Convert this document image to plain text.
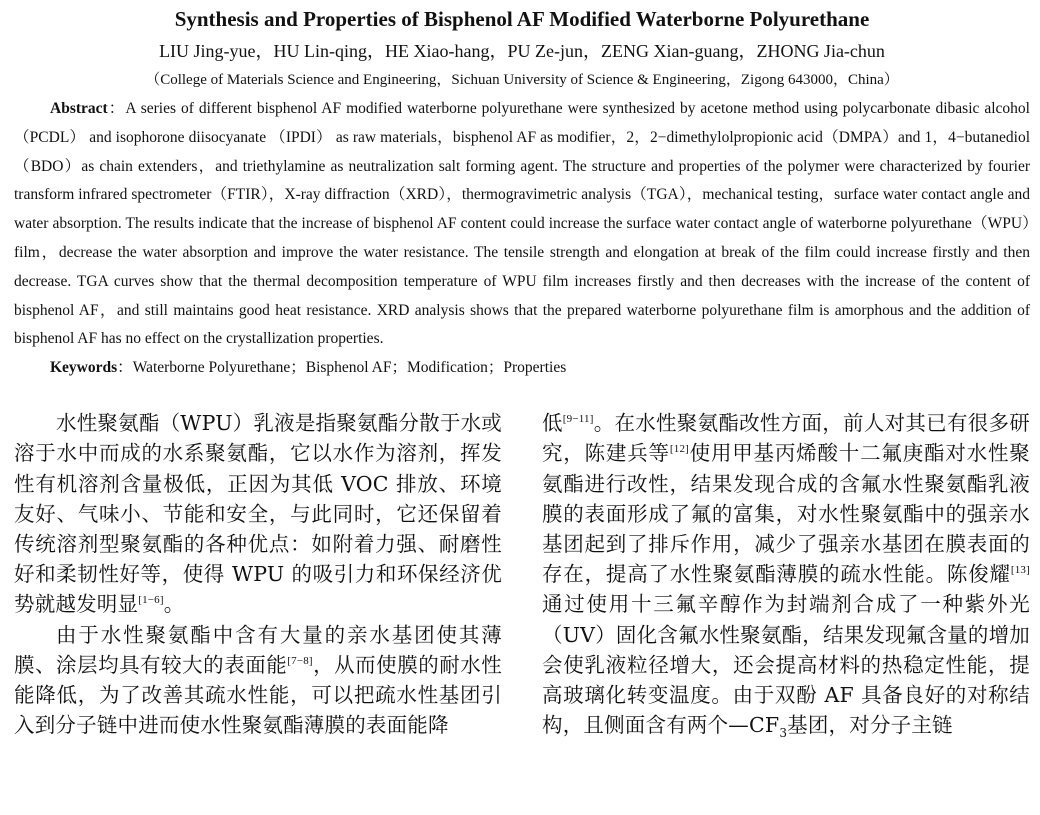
Synthesis and Properties of Bisphenol AF Modified Waterborne Polyurethane
LIU Jing-yue，HU Lin-qing，HE Xiao-hang，PU Ze-jun，ZENG Xian-guang，ZHONG Jia-chun
（College of Materials Science and Engineering，Sichuan University of Science & Engineering，Zigong 643000，China）
Abstract：A series of different bisphenol AF modified waterborne polyurethane were synthesized by acetone method using polycarbonate dibasic alcohol （PCDL） and isophorone diisocyanate （IPDI） as raw materials，bisphenol AF as modifier，2，2−dimethylolpropionic acid（DMPA）and 1，4−butanediol（BDO）as chain extenders，and triethylamine as neutralization salt forming agent. The structure and properties of the polymer were characterized by fourier transform infrared spectrometer（FTIR），X-ray diffraction（XRD），thermogravimetric analysis（TGA），mechanical testing，surface water contact angle and water absorption. The results indicate that the increase of bisphenol AF content could increase the surface water contact angle of waterborne polyurethane（WPU）film，decrease the water absorption and improve the water resistance. The tensile strength and elongation at break of the film could increase firstly and then decrease. TGA curves show that the thermal decomposition temperature of WPU film increases firstly and then decreases with the increase of the content of bisphenol AF，and still maintains good heat resistance. XRD analysis shows that the prepared waterborne polyurethane film is amorphous and the addition of bisphenol AF has no effect on the crystallization properties.
Keywords：Waterborne Polyurethane；Bisphenol AF；Modification；Properties

水性聚氨酯（WPU）乳液是指聚氨酯分散于水或溶于水中而成的水系聚氨酯，它以水作为溶剂，挥发性有机溶剂含量极低，正因为其低 VOC 排放、环境友好、气味小、节能和安全，与此同时，它还保留着传统溶剂型聚氨酯的各种优点：如附着力强、耐磨性好和柔韧性好等，使得 WPU 的吸引力和环保经济优势就越发明显[1−6]。

由于水性聚氨酯中含有大量的亲水基团使其薄膜、涂层均具有较大的表面能[7−8]，从而使膜的耐水性能降低，为了改善其疏水性能，可以把疏水性基团引入到分子链中进而使水性聚氨酯薄膜的表面能降

低[9−11]。在水性聚氨酯改性方面，前人对其已有很多研究，陈建兵等[12]使用甲基丙烯酸十二氟庚酯对水性聚氨酯进行改性，结果发现合成的含氟水性聚氨酯乳液膜的表面形成了氟的富集，对水性聚氨酯中的强亲水基团起到了排斥作用，减少了强亲水基团在膜表面的存在，提高了水性聚氨酯薄膜的疏水性能。陈俊耀[13]通过使用十三氟辛醇作为封端剂合成了一种紫外光（UV）固化含氟水性聚氨酯，结果发现氟含量的增加会使乳液粒径增大，还会提高材料的热稳定性能，提高玻璃化转变温度。由于双酚 AF 具备良好的对称结构，且侧面含有两个$—CF_3$基团，对分子主链
